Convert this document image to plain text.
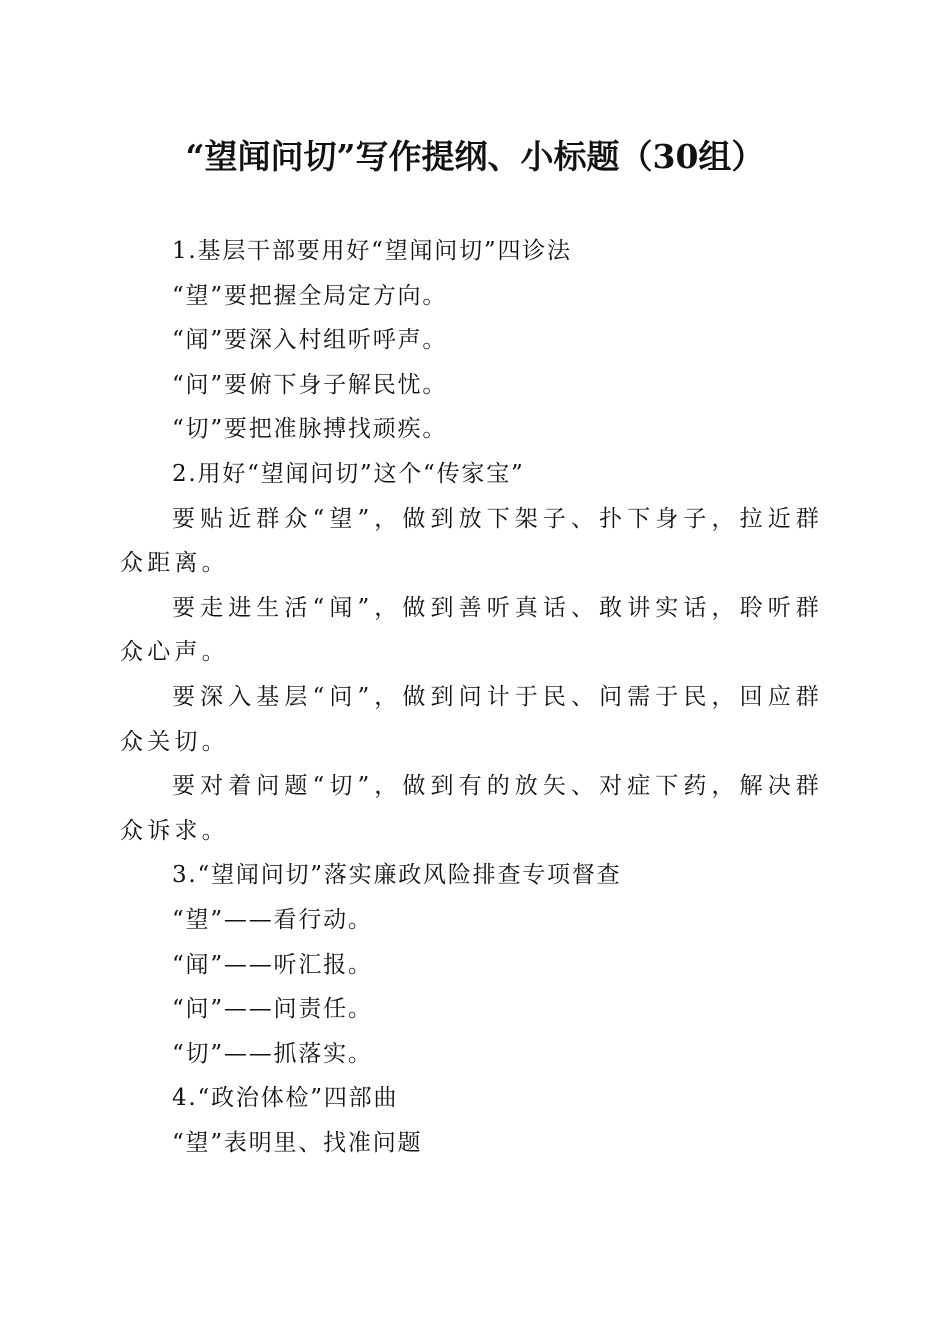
“望闻问切”写作提纲、小标题（30组）

1.基层干部要用好“望闻问切”四诊法

“望”要把握全局定方向。

“闻”要深入村组听呼声。

“问”要俯下身子解民忧。

“切”要把准脉搏找顽疾。

2.用好“望闻问切”这个“传家宝”

要贴近群众“望”，做到放下架子、扑下身子，拉近群众距离。

要走进生活“闻”，做到善听真话、敢讲实话，聆听群众心声。

要深入基层“问”，做到问计于民、问需于民，回应群众关切。

要对着问题“切”，做到有的放矢、对症下药，解决群众诉求。

3.“望闻问切”落实廉政风险排查专项督查

“望”——看行动。

“闻”——听汇报。

“问”——问责任。

“切”——抓落实。

4.“政治体检”四部曲

“望”表明里、找准问题
